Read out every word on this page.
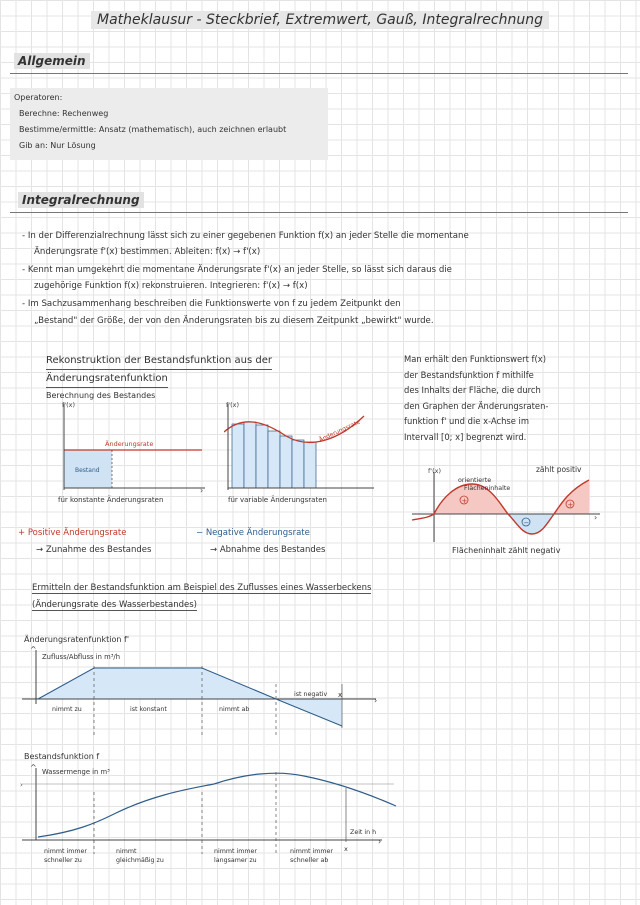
Matheklausur - Steckbrief, Extremwert, Gauß, Integralrechnung
Allgemein
Operatoren:
Berechne: Rechenweg
Bestimme/ermittle: Ansatz (mathematisch), auch zeichnen erlaubt
Gib an: Nur Lösung
Integralrechnung
- In der Differenzialrechnung lässt sich zu einer gegebenen Funktion f(x) an jeder Stelle die momentane
Änderungsrate f'(x) bestimmen. Ableiten: f(x) → f'(x)
- Kennt man umgekehrt die momentane Änderungsrate f'(x) an jeder Stelle, so lässt sich daraus die
zugehörige Funktion f(x) rekonstruieren. Integrieren: f'(x) → f(x)
- Im Sachzusammenhang beschreiben die Funktionswerte von f zu jedem Zeitpunkt den
„Bestand" der Größe, der von den Änderungsraten bis zu diesem Zeitpunkt „bewirkt" wurde.
Rekonstruktion der Bestandsfunktion aus der
Änderungsratenfunktion
Berechnung des Bestandes
›
f'(x)
Änderungsrate
Bestand
für konstante Änderungsraten
f'(x)
Änderungsrate
für variable Änderungsraten
Man erhält den Funktionswert f(x)
der Bestandsfunktion f mithilfe
des Inhalts der Fläche, die durch
den Graphen der Änderungsraten-
funktion f' und die x-Achse im
Intervall [0; x] begrenzt wird.
+
−
+
›
f'(x)	zählt positiv
orientierte
Flächeninhalte
Flächeninhalt zählt negativ
+ Positive Änderungsrate
→ Zunahme des Bestandes
− Negative Änderungsrate
→ Abnahme des Bestandes
Ermitteln der Bestandsfunktion am Beispiel des Zuflusses eines Wasserbeckens
(Änderungsrate des Wasserbestandes)
Änderungsratenfunktion f'
›
^
Zufluss/Abfluss in m³/h
nimmt zu	ist konstant	nimmt ab
ist negativ x
Bestandsfunktion f
›
›
^ Wassermenge in m³
Zeit in h
nimmt immer
schneller zu
nimmt
gleichmäßig zu
nimmt immer
langsamer zu
nimmt immer
schneller ab
x
